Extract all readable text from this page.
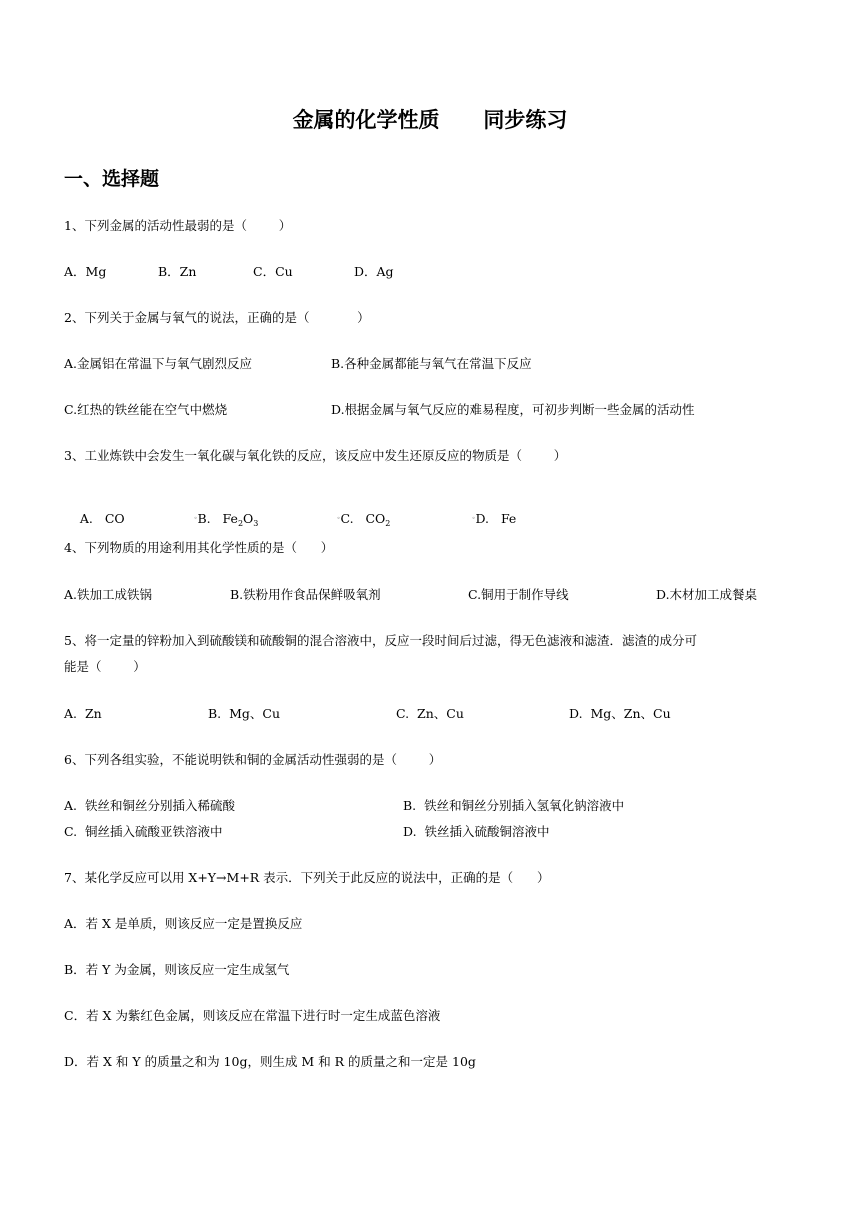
金属的化学性质      同步练习
一、选择题
1、下列金属的活动性最弱的是（        ）
A．Mg	B．Zn	C．Cu	D．Ag
2、下列关于金属与氧气的说法，正确的是（            ）
A.金属铝在常温下与氧气剧烈反应	B.各种金属都能与氧气在常温下反应
C.红热的铁丝能在空气中燃烧	D.根据金属与氧气反应的难易程度，可初步判断一些金属的活动性
3、工业炼铁中会发生一氧化碳与氧化铁的反应，该反应中发生还原反应的物质是（        ）

A. CO
	◦B. $Fe_2O_3$

◦C. $CO_2$

◦D. Fe

4、下列物质的用途利用其化学性质的是（      ）
A.铁加工成铁锅	B.铁粉用作食品保鲜吸氧剂	C.铜用于制作导线	D.木材加工成餐桌
5、将一定量的锌粉加入到硫酸镁和硫酸铜的混合溶液中，反应一段时间后过滤，得无色滤液和滤渣．滤渣的成分可
能是（        ）
A.  Zn	B.  Mg、Cu	C.  Zn、Cu	D.  Mg、Zn、Cu
6、下列各组实验，不能说明铁和铜的金属活动性强弱的是（        ）
A.  铁丝和铜丝分别插入稀硫酸	B.  铁丝和铜丝分别插入氢氧化钠溶液中
C.  铜丝插入硫酸亚铁溶液中	D.  铁丝插入硫酸铜溶液中
7、某化学反应可以用 X+Y→M+R 表示．下列关于此反应的说法中，正确的是（      ）
A．若 X 是单质，则该反应一定是置换反应
B．若 Y 为金属，则该反应一定生成氢气
C．若 X 为紫红色金属，则该反应在常温下进行时一定生成蓝色溶液
D．若 X 和 Y 的质量之和为 10g，则生成 M 和 R 的质量之和一定是 10g
